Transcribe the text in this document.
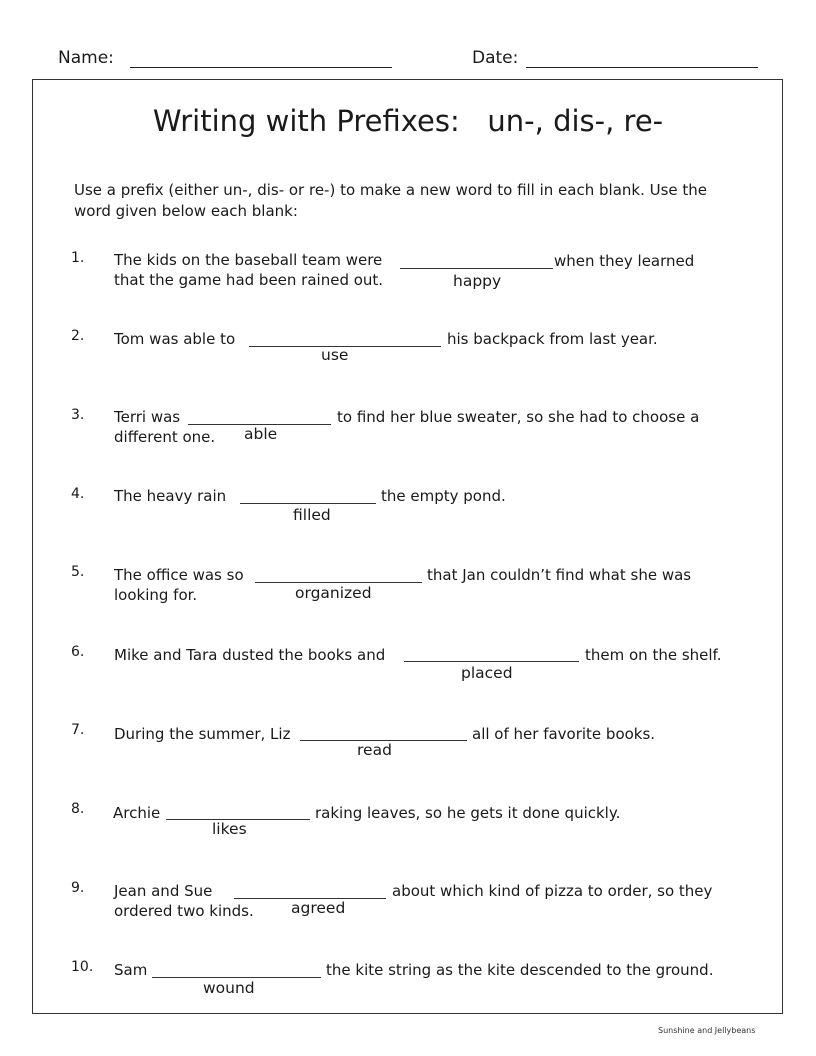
Name:	Date:
Writing with Prefixes:   un-, dis-, re-
Use a prefix (either un-, dis- or re-) to make a new word to fill in each blank. Use the word given below each blank:
1. The kids on the baseball team were	when they learned
that the game had been rained out.	happy
2. Tom was able to	his backpack from last year.
use
3. Terri was	to find her blue sweater, so she had to choose a
different one. able
4. The heavy rain	the empty pond.
filled
5. The office was so	that Jan couldn’t find what she was
looking for.	organized
6. Mike and Tara dusted the books and	them on the shelf.
placed
7. During the summer, Liz	all of her favorite books.
read
8. Archie	raking leaves, so he gets it done quickly.
likes
9. Jean and Sue	about which kind of pizza to order, so they
ordered two kinds. agreed
10. Sam	the kite string as the kite descended to the ground.
wound
Sunshine and Jellybeans
